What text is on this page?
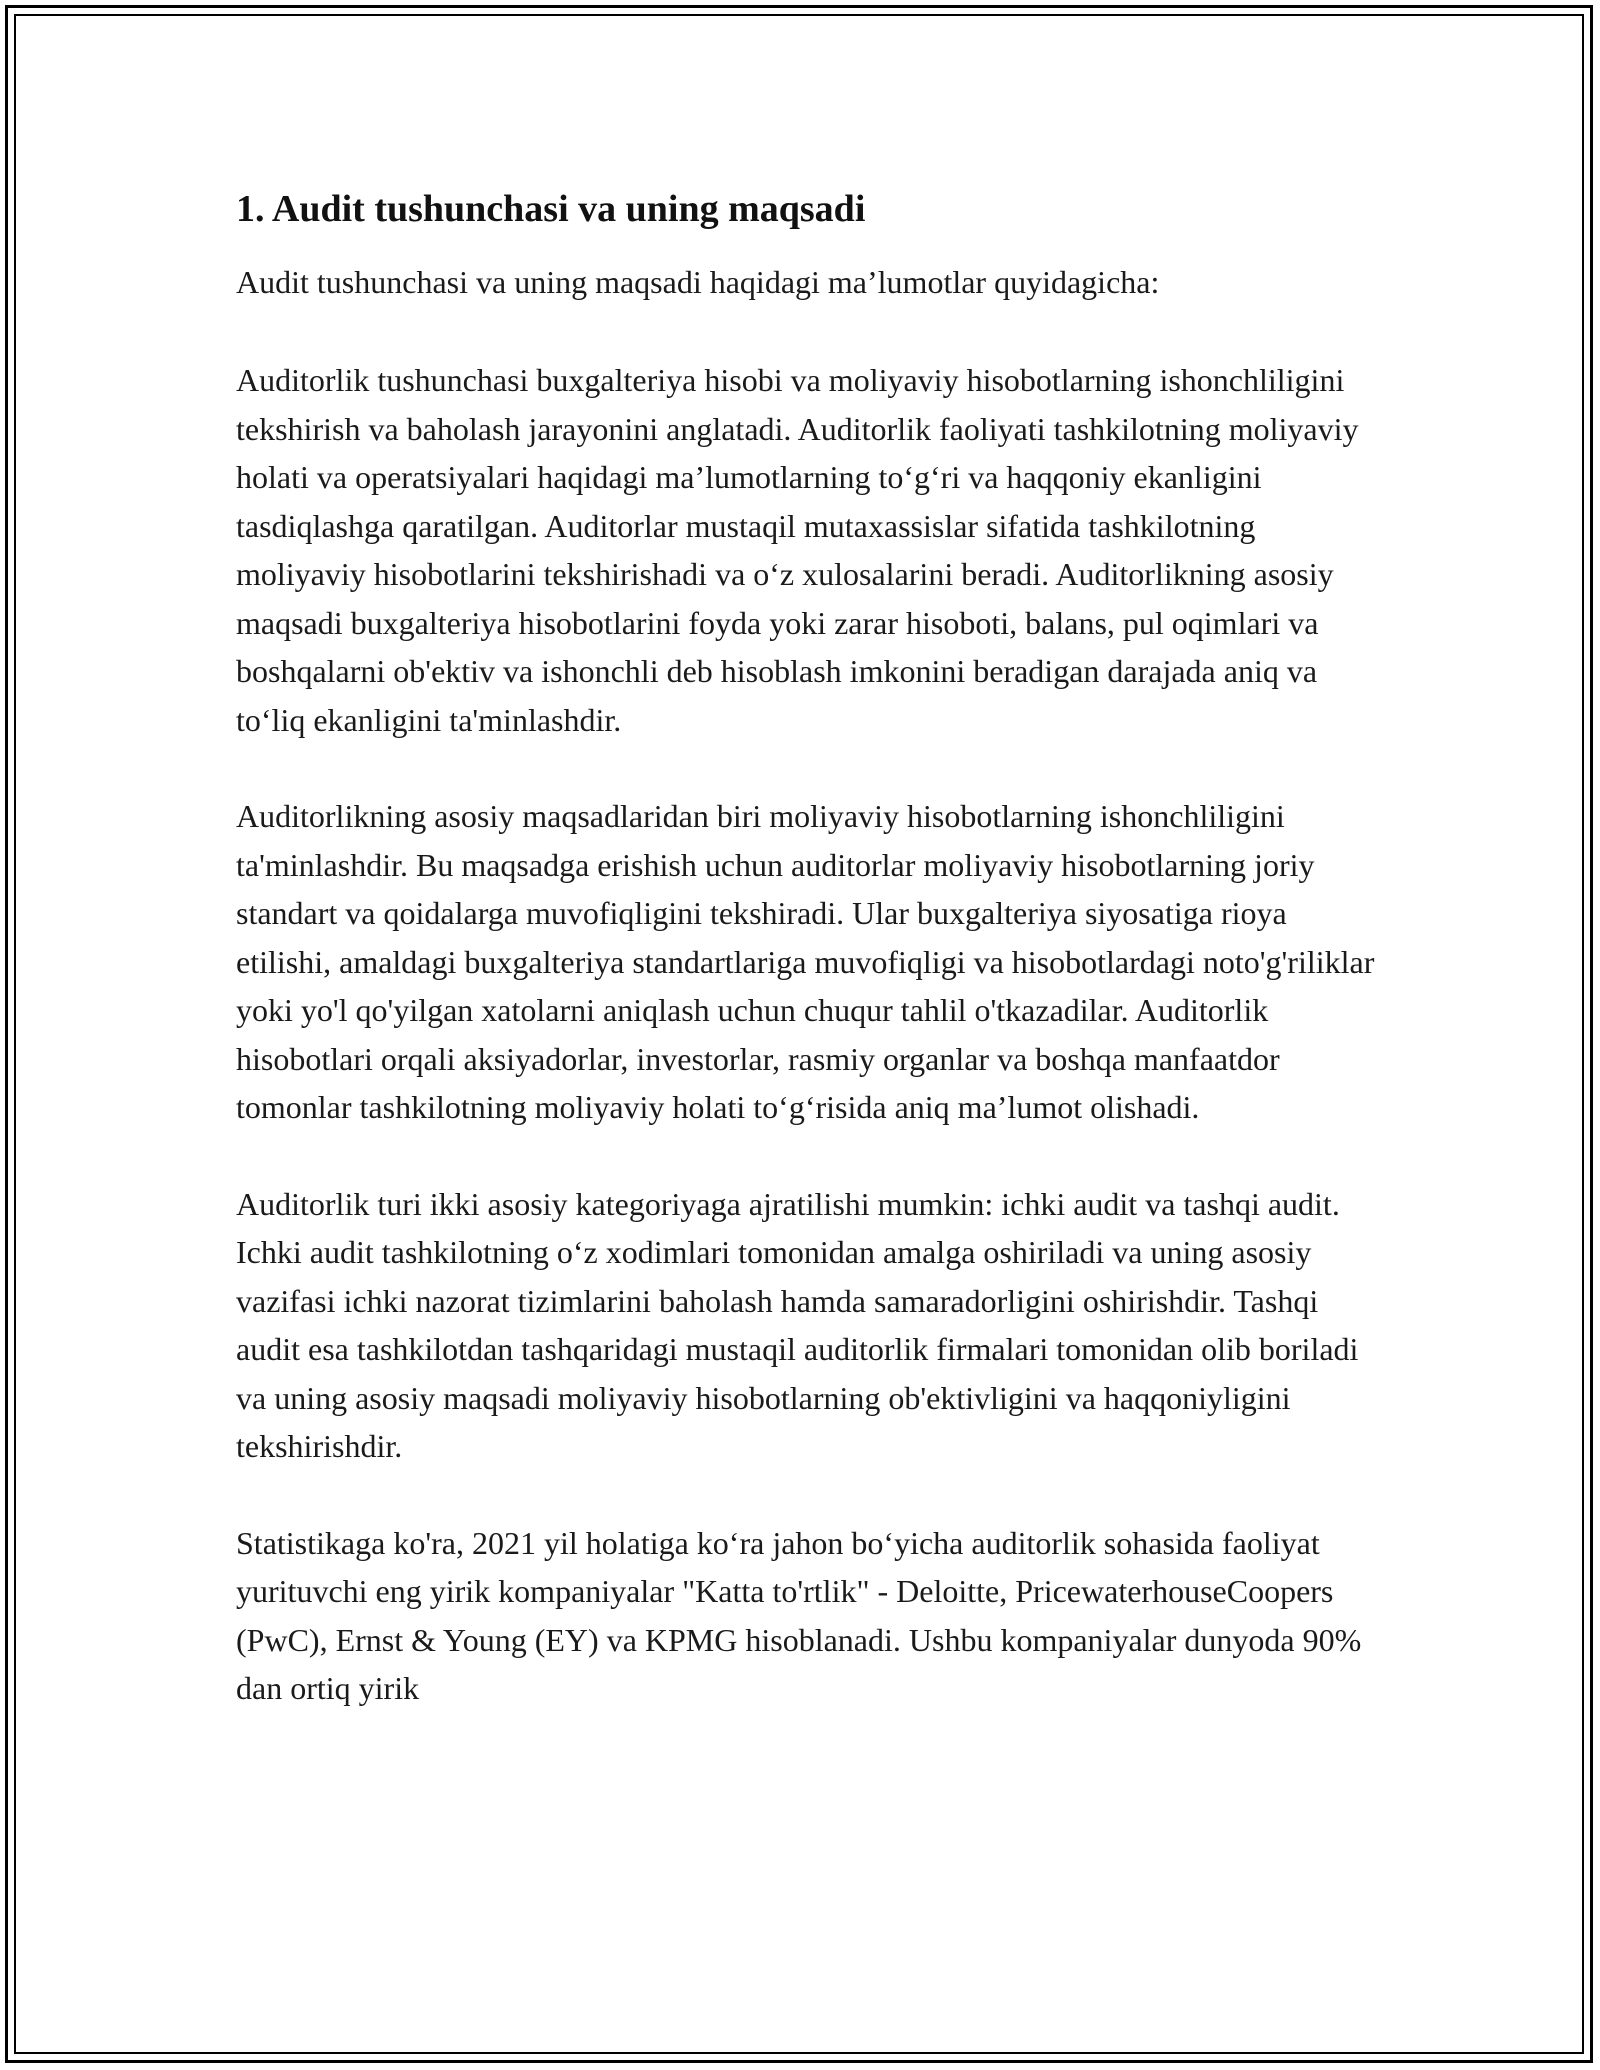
1. Audit tushunchasi va uning maqsadi

Audit tushunchasi va uning maqsadi haqidagi ma’lumotlar quyidagicha:

Auditorlik tushunchasi buxgalteriya hisobi va moliyaviy hisobotlarning ishonchliligini tekshirish va baholash jarayonini anglatadi. Auditorlik faoliyati tashkilotning moliyaviy holati va operatsiyalari haqidagi ma’lumotlarning to‘g‘ri va haqqoniy ekanligini tasdiqlashga qaratilgan. Auditorlar mustaqil mutaxassislar sifatida tashkilotning moliyaviy hisobotlarini tekshirishadi va o‘z xulosalarini beradi. Auditorlikning asosiy maqsadi buxgalteriya hisobotlarini foyda yoki zarar hisoboti, balans, pul oqimlari va boshqalarni ob'ektiv va ishonchli deb hisoblash imkonini beradigan darajada aniq va to‘liq ekanligini ta'minlashdir.

Auditorlikning asosiy maqsadlaridan biri moliyaviy hisobotlarning ishonchliligini ta'minlashdir. Bu maqsadga erishish uchun auditorlar moliyaviy hisobotlarning joriy standart va qoidalarga muvofiqligini tekshiradi. Ular buxgalteriya siyosatiga rioya etilishi, amaldagi buxgalteriya standartlariga muvofiqligi va hisobotlardagi noto'g'riliklar yoki yo'l qo'yilgan xatolarni aniqlash uchun chuqur tahlil o'tkazadilar. Auditorlik hisobotlari orqali aksiyadorlar, investorlar, rasmiy organlar va boshqa manfaatdor tomonlar tashkilotning moliyaviy holati to‘g‘risida aniq ma’lumot olishadi.

Auditorlik turi ikki asosiy kategoriyaga ajratilishi mumkin: ichki audit va tashqi audit. Ichki audit tashkilotning o‘z xodimlari tomonidan amalga oshiriladi va uning asosiy vazifasi ichki nazorat tizimlarini baholash hamda samaradorligini oshirishdir. Tashqi audit esa tashkilotdan tashqaridagi mustaqil auditorlik firmalari tomonidan olib boriladi va uning asosiy maqsadi moliyaviy hisobotlarning ob'ektivligini va haqqoniyligini tekshirishdir.

Statistikaga ko'ra, 2021 yil holatiga ko‘ra jahon bo‘yicha auditorlik sohasida faoliyat yurituvchi eng yirik kompaniyalar "Katta to'rtlik" - Deloitte, PricewaterhouseCoopers (PwC), Ernst & Young (EY) va KPMG hisoblanadi. Ushbu kompaniyalar dunyoda 90% dan ortiq yirik
